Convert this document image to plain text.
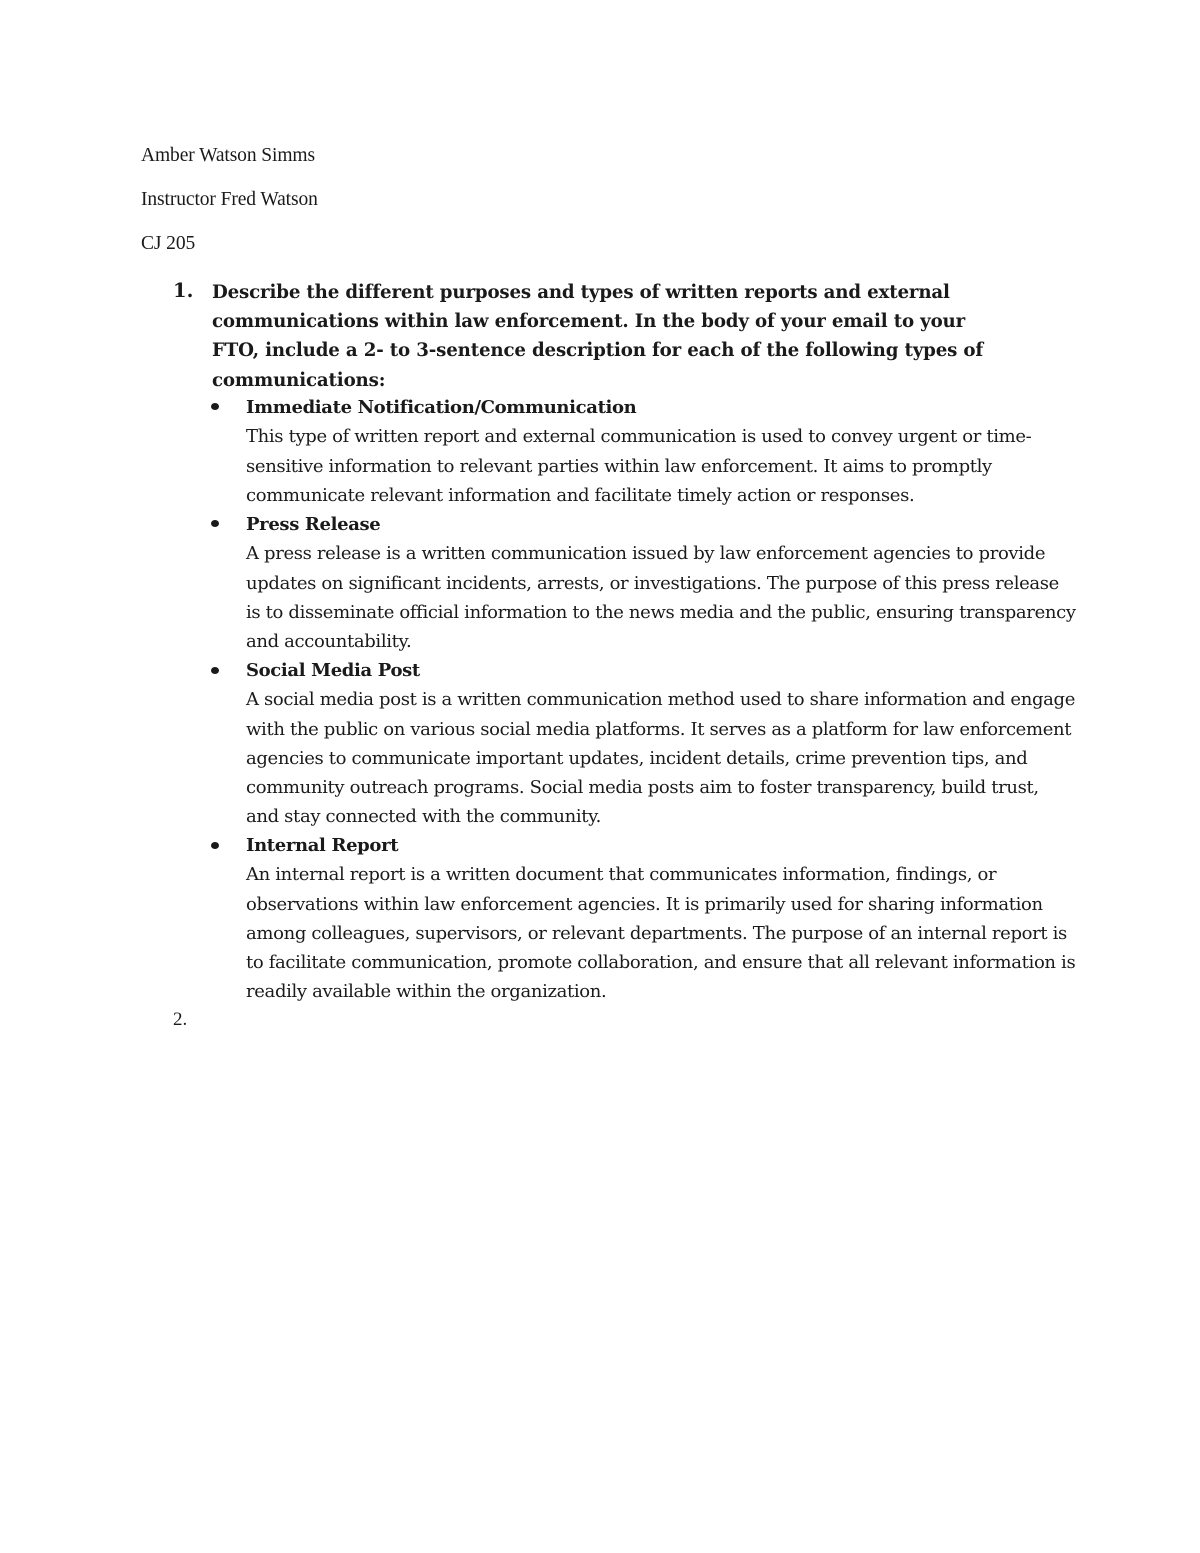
Amber Watson Simms
Instructor Fred Watson
CJ 205
1. Describe the different purposes and types of written reports and external communications within law enforcement. In the body of your email to your FTO, include a 2- to 3-sentence description for each of the following types of communications:
Immediate Notification/Communication
This type of written report and external communication is used to convey urgent or time-sensitive information to relevant parties within law enforcement. It aims to promptly communicate relevant information and facilitate timely action or responses.
Press Release
A press release is a written communication issued by law enforcement agencies to provide updates on significant incidents, arrests, or investigations. The purpose of this press release is to disseminate official information to the news media and the public, ensuring transparency and accountability.
Social Media Post
A social media post is a written communication method used to share information and engage with the public on various social media platforms. It serves as a platform for law enforcement agencies to communicate important updates, incident details, crime prevention tips, and community outreach programs. Social media posts aim to foster transparency, build trust, and stay connected with the community.
Internal Report
An internal report is a written document that communicates information, findings, or observations within law enforcement agencies. It is primarily used for sharing information among colleagues, supervisors, or relevant departments. The purpose of an internal report is to facilitate communication, promote collaboration, and ensure that all relevant information is readily available within the organization.
2.
